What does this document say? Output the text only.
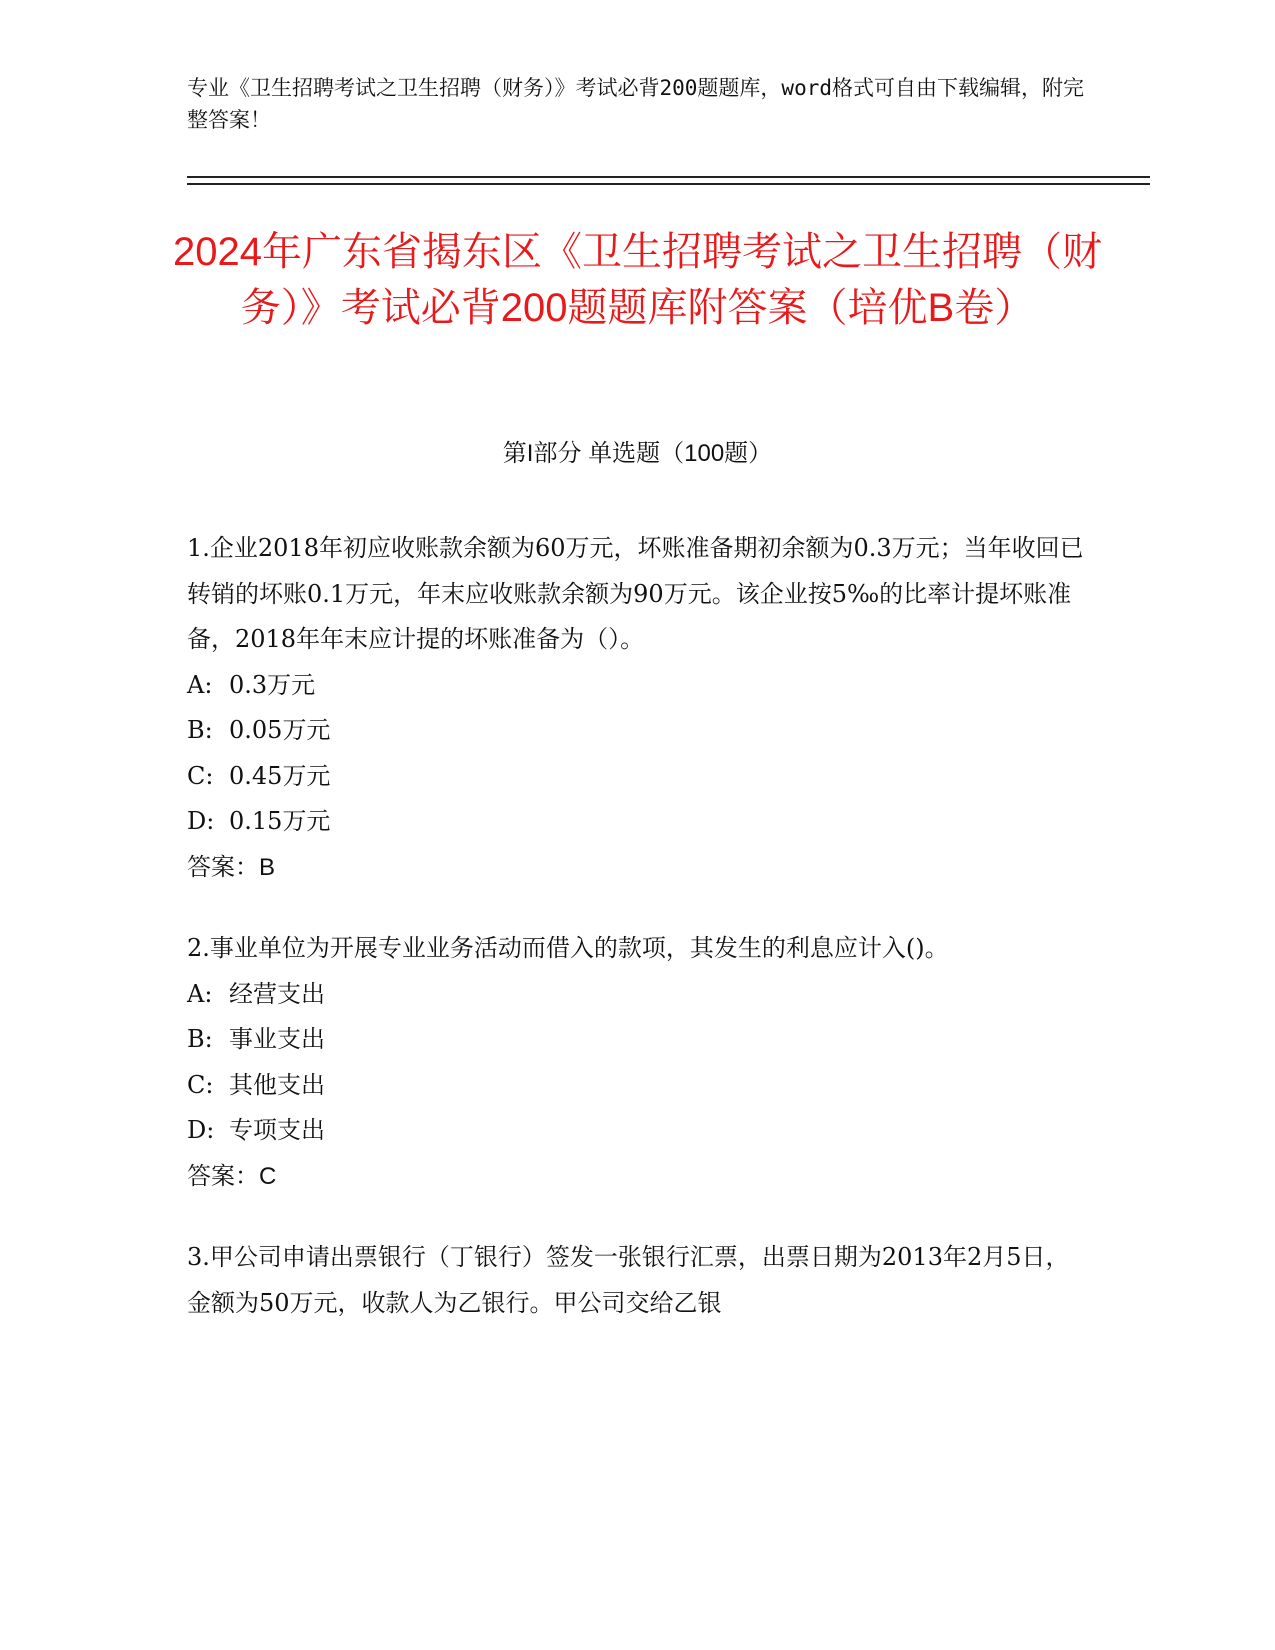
专业《卫生招聘考试之卫生招聘（财务）》考试必背200题题库，word格式可自由下载编辑，附完整答案！
2024年广东省揭东区《卫生招聘考试之卫生招聘（财务）》考试必背200题题库附答案（培优B卷）
第I部分 单选题（100题）

1.企业2018年初应收账款余额为60万元，坏账准备期初余额为0.3万元；当年收回已转销的坏账0.1万元，年末应收账款余额为90万元。该企业按5‰的比率计提坏账准备，2018年年末应计提的坏账准备为（）。

A: 0.3万元

B: 0.05万元

C: 0.45万元

D: 0.15万元

答案：B

2.事业单位为开展专业业务活动而借入的款项，其发生的利息应计入()。

A: 经营支出

B: 事业支出

C: 其他支出

D: 专项支出

答案：C

3.甲公司申请出票银行（丁银行）签发一张银行汇票，出票日期为2013年2月5日，金额为50万元，收款人为乙银行。甲公司交给乙银
